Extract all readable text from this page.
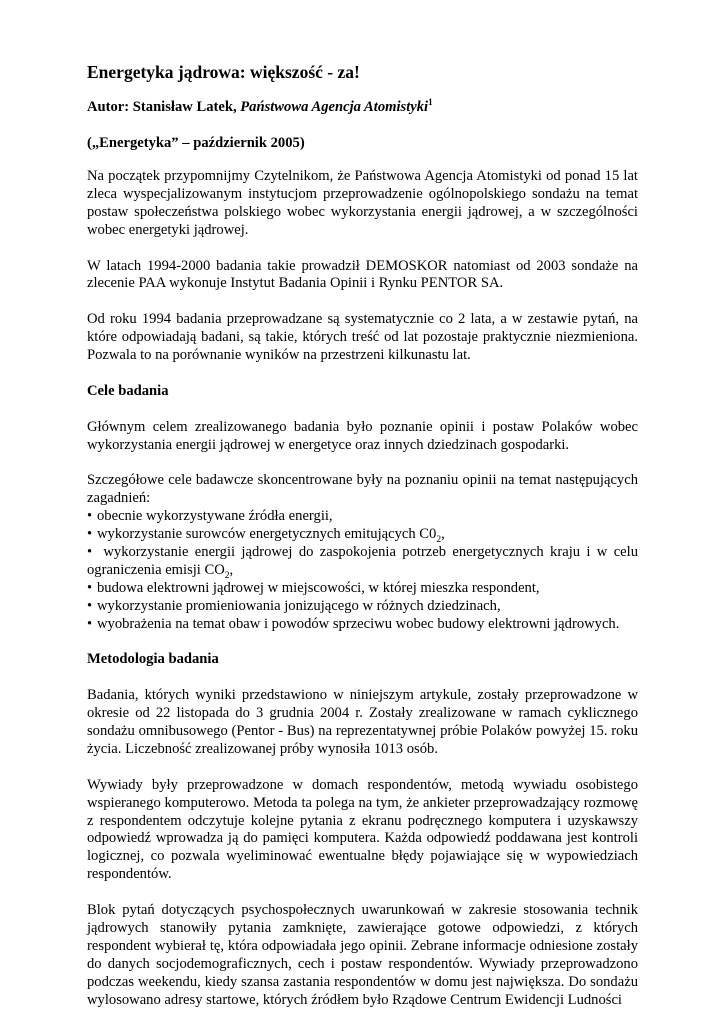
Energetyka jądrowa: większość - za!

Autor: Stanisław Latek, Państwowa Agencja Atomistyki$^1$

(„Energetyka” – październik 2005)

Na początek przypomnijmy Czytelnikom, że Państwowa Agencja Atomistyki od ponad 15 lat zleca wyspecjalizowanym instytucjom przeprowadzenie ogólnopolskiego sondażu na temat postaw społeczeństwa polskiego wobec wykorzystania energii jądrowej, a w szczególności wobec energetyki jądrowej.

W latach 1994-2000 badania takie prowadził DEMOSKOR natomiast od 2003 sondaże na zlecenie PAA wykonuje Instytut Badania Opinii i Rynku PENTOR SA.

Od roku 1994 badania przeprowadzane są systematycznie co 2 lata, a w zestawie pytań, na które odpowiadają badani, są takie, których treść od lat pozostaje praktycznie niezmieniona. Pozwala to na porównanie wyników na przestrzeni kilkunastu lat.

Cele badania

Głównym celem zrealizowanego badania było poznanie opinii i postaw Polaków wobec wykorzystania energii jądrowej w energetyce oraz innych dziedzinach gospodarki.

Szczegółowe cele badawcze skoncentrowane były na poznaniu opinii na temat następujących zagadnień:

• obecnie wykorzystywane źródła energii,
• wykorzystanie surowców energetycznych emitujących $C0_2$,
• wykorzystanie energii jądrowej do zaspokojenia potrzeb energetycznych kraju i w celu ograniczenia emisji $CO_2$,
• budowa elektrowni jądrowej w miejscowości, w której mieszka respondent,
• wykorzystanie promieniowania jonizującego w różnych dziedzinach,
• wyobrażenia na temat obaw i powodów sprzeciwu wobec budowy elektrowni jądrowych.
Metodologia badania

Badania, których wyniki przedstawiono w niniejszym artykule, zostały przeprowadzone w okresie od 22 listopada do 3 grudnia 2004 r. Zostały zrealizowane w ramach cyklicznego sondażu omnibusowego (Pentor - Bus) na reprezentatywnej próbie Polaków powyżej 15. roku życia. Liczebność zrealizowanej próby wynosiła 1013 osób.

Wywiady były przeprowadzone w domach respondentów, metodą wywiadu osobistego wspieranego komputerowo. Metoda ta polega na tym, że ankieter przeprowadzający rozmowę z respondentem odczytuje kolejne pytania z ekranu podręcznego komputera i uzyskawszy odpowiedź wprowadza ją do pamięci komputera. Każda odpowiedź poddawana jest kontroli logicznej, co pozwala wyeliminować ewentualne błędy pojawiające się w wypowiedziach respondentów.

Blok pytań dotyczących psychospołecznych uwarunkowań w zakresie stosowania technik jądrowych stanowiły pytania zamknięte, zawierające gotowe odpowiedzi, z których respondent wybierał tę, która odpowiadała jego opinii. Zebrane informacje odniesione zostały do danych socjodemograficznych, cech i postaw respondentów. Wywiady przeprowadzono podczas weekendu, kiedy szansa zastania respondentów w domu jest największa. Do sondażu wylosowano adresy startowe, których źródłem było Rządowe Centrum Ewidencji Ludności
